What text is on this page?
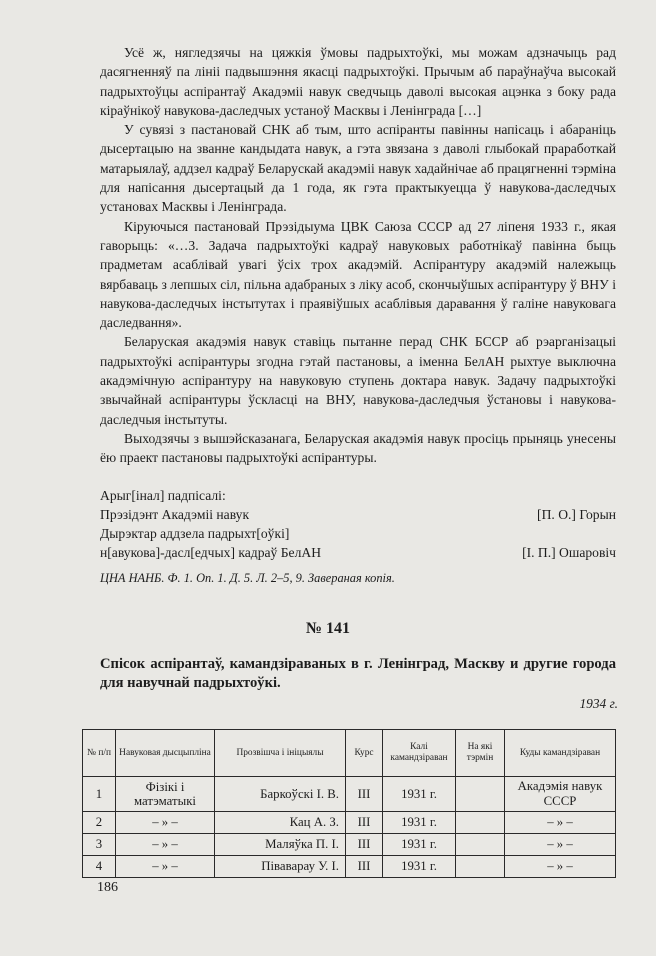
Усё ж, нягледзячы на цяжкія ўмовы падрыхтоўкі, мы можам адзначыць рад дасягненняў па лініі падвышэння якасці падрыхтоўкі. Прычым аб параўнаўча высокай падрыхтоўцы аспірантаў Акадэміі навук сведчыць даволі высокая ацэнка з боку рада кіраўнікоў навукова-даследчых устаноў Масквы і Ленінграда […]

У сувязі з пастановай СНК аб тым, што аспіранты павінны напісаць і абараніць дысертацыю на званне кандыдата навук, а гэта звязана з даволі глыбокай праработкай матарыялаў, аддзел кадраў Беларускай акадэміі навук хадайнічае аб працягненні тэрміна для напісання дысертацый да 1 года, як гэта практыкуецца ў навукова-даследчых установах Масквы і Ленінграда.

Кіруючыся пастановай Прэзідыума ЦВК Саюза СССР ад 27 ліпеня 1933 г., якая гаворыць: «…3. Задача падрыхтоўкі кадраў навуковых работнікаў павінна быць прадметам асаблівай увагі ўсіх трох акадэмій. Аспірантуру акадэмій належыць вярбаваць з лепшых сіл, пільна адабраных з ліку асоб, скончыўшых аспірантуру ў ВНУ і навукова-даследчых інстытутах і праявіўшых асаблівыя даравання ў галіне навуковага даследвання».

Беларуская акадэмія навук ставіць пытанне перад СНК БССР аб рэарганізацыі падрыхтоўкі аспірантуры згодна гэтай пастановы, а іменна БелАН рыхтуе выключна акадэмічную аспірантуру на навуковую ступень доктара навук. Задачу падрыхтоўкі звычайнай аспірантуры ўскласці на ВНУ, навукова-даследчыя ўстановы і навукова-даследчыя інстытуты.

Выходзячы з вышэйсказанага, Беларуская акадэмія навук просіць прыняць унесены ёю праект пастановы падрыхтоўкі аспірантуры.

Арыг[інал] падпісалі:
Прэзідэнт Акадэміі навук	[П. О.] Горын
Дырэктар аддзела падрыхт[оўкі]
н[авукова]-дасл[едчых] кадраў БелАН	[І. П.] Ошаровіч
ЦНА НАНБ. Ф. 1. Оп. 1. Д. 5. Л. 2–5, 9. Завераная копія.
№ 141
Спісок аспірантаў, камандзіраваных в г. Ленінград, Маскву и другие города для навучнай падрыхтоўкі.
1934 г.
№ п/п	Навуковая дысцыпліна	Прозвішча і ініцыялы	Курс	Калі камандзіраван	На які тэрмін	Куды камандзіраван
1	Фізікі і матэматыкі	Баркоўскі І. В.	III	1931 г.		Акадэмія навук СССР
2	– » –	Кац А. З.	III	1931 г.		– » –
3	– » –	Маляўка П. І.	III	1931 г.		– » –
4	– » –	Піваварау У. І.	III	1931 г.		– » –
186
